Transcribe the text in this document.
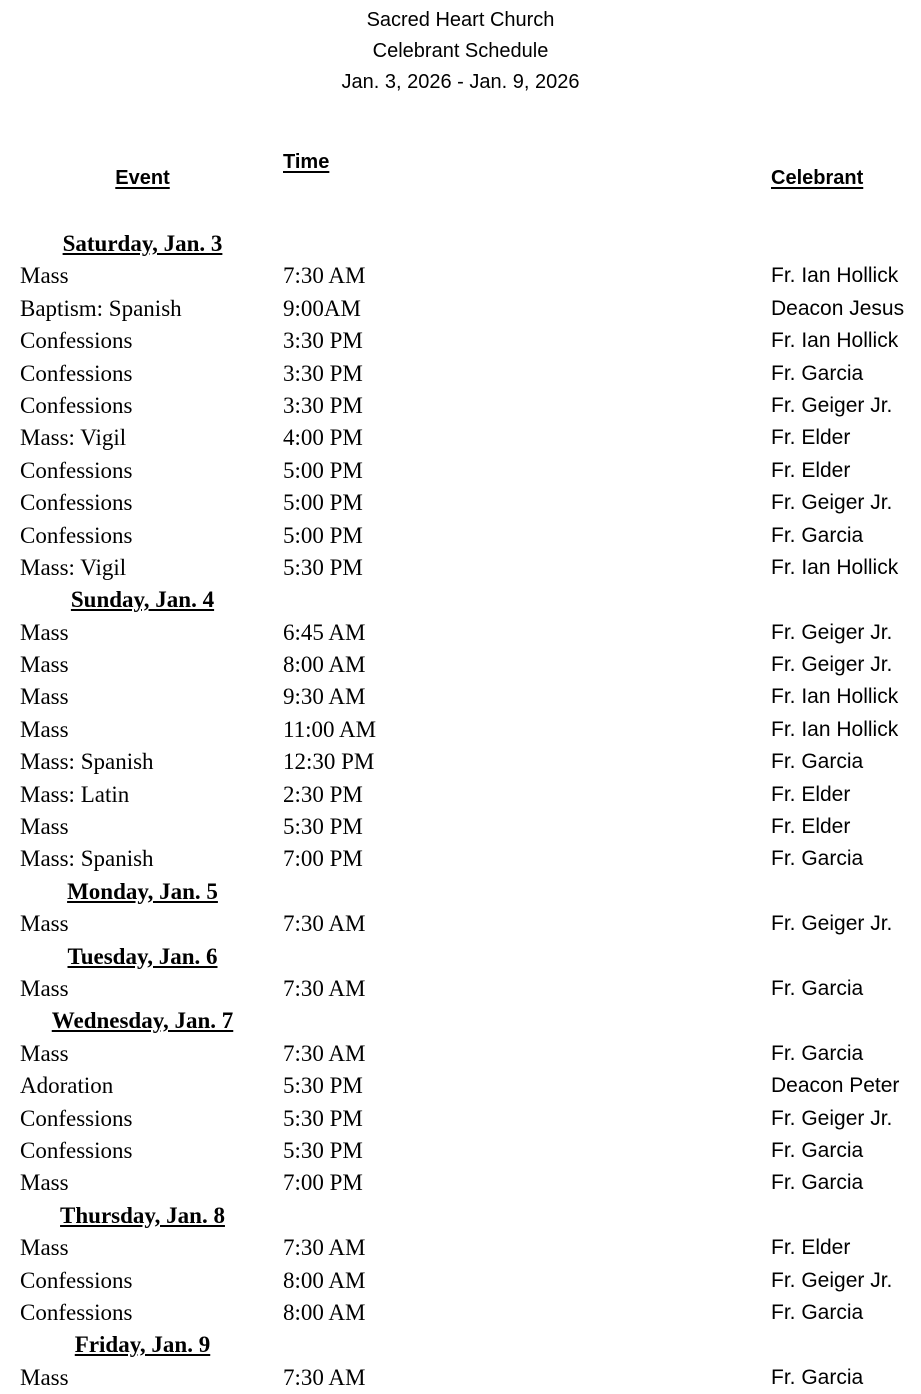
Sacred Heart Church
Celebrant Schedule
Jan. 3, 2026 - Jan. 9, 2026
Event
Time
Celebrant
Saturday, Jan. 3
Mass	7:30 AM	Fr. Ian Hollick
Baptism: Spanish	9:00AM	Deacon Jesus
Confessions	3:30 PM	Fr. Ian Hollick
Confessions	3:30 PM	Fr. Garcia
Confessions	3:30 PM	Fr. Geiger Jr.
Mass: Vigil	4:00 PM	Fr. Elder
Confessions	5:00 PM	Fr. Elder
Confessions	5:00 PM	Fr. Geiger Jr.
Confessions	5:00 PM	Fr. Garcia
Mass: Vigil	5:30 PM	Fr. Ian Hollick
Sunday, Jan. 4
Mass	6:45 AM	Fr. Geiger Jr.
Mass	8:00 AM	Fr. Geiger Jr.
Mass	9:30 AM	Fr. Ian Hollick
Mass	11:00 AM	Fr. Ian Hollick
Mass: Spanish	12:30 PM	Fr. Garcia
Mass: Latin	2:30 PM	Fr. Elder
Mass	5:30 PM	Fr. Elder
Mass: Spanish	7:00 PM	Fr. Garcia
Monday, Jan. 5
Mass	7:30 AM	Fr. Geiger Jr.
Tuesday, Jan. 6
Mass	7:30 AM	Fr. Garcia
Wednesday, Jan. 7
Mass	7:30 AM	Fr. Garcia
Adoration	5:30 PM	Deacon Peter
Confessions	5:30 PM	Fr. Geiger Jr.
Confessions	5:30 PM	Fr. Garcia
Mass	7:00 PM	Fr. Garcia
Thursday, Jan. 8
Mass	7:30 AM	Fr. Elder
Confessions	8:00 AM	Fr. Geiger Jr.
Confessions	8:00 AM	Fr. Garcia
Friday, Jan. 9
Mass	7:30 AM	Fr. Garcia
